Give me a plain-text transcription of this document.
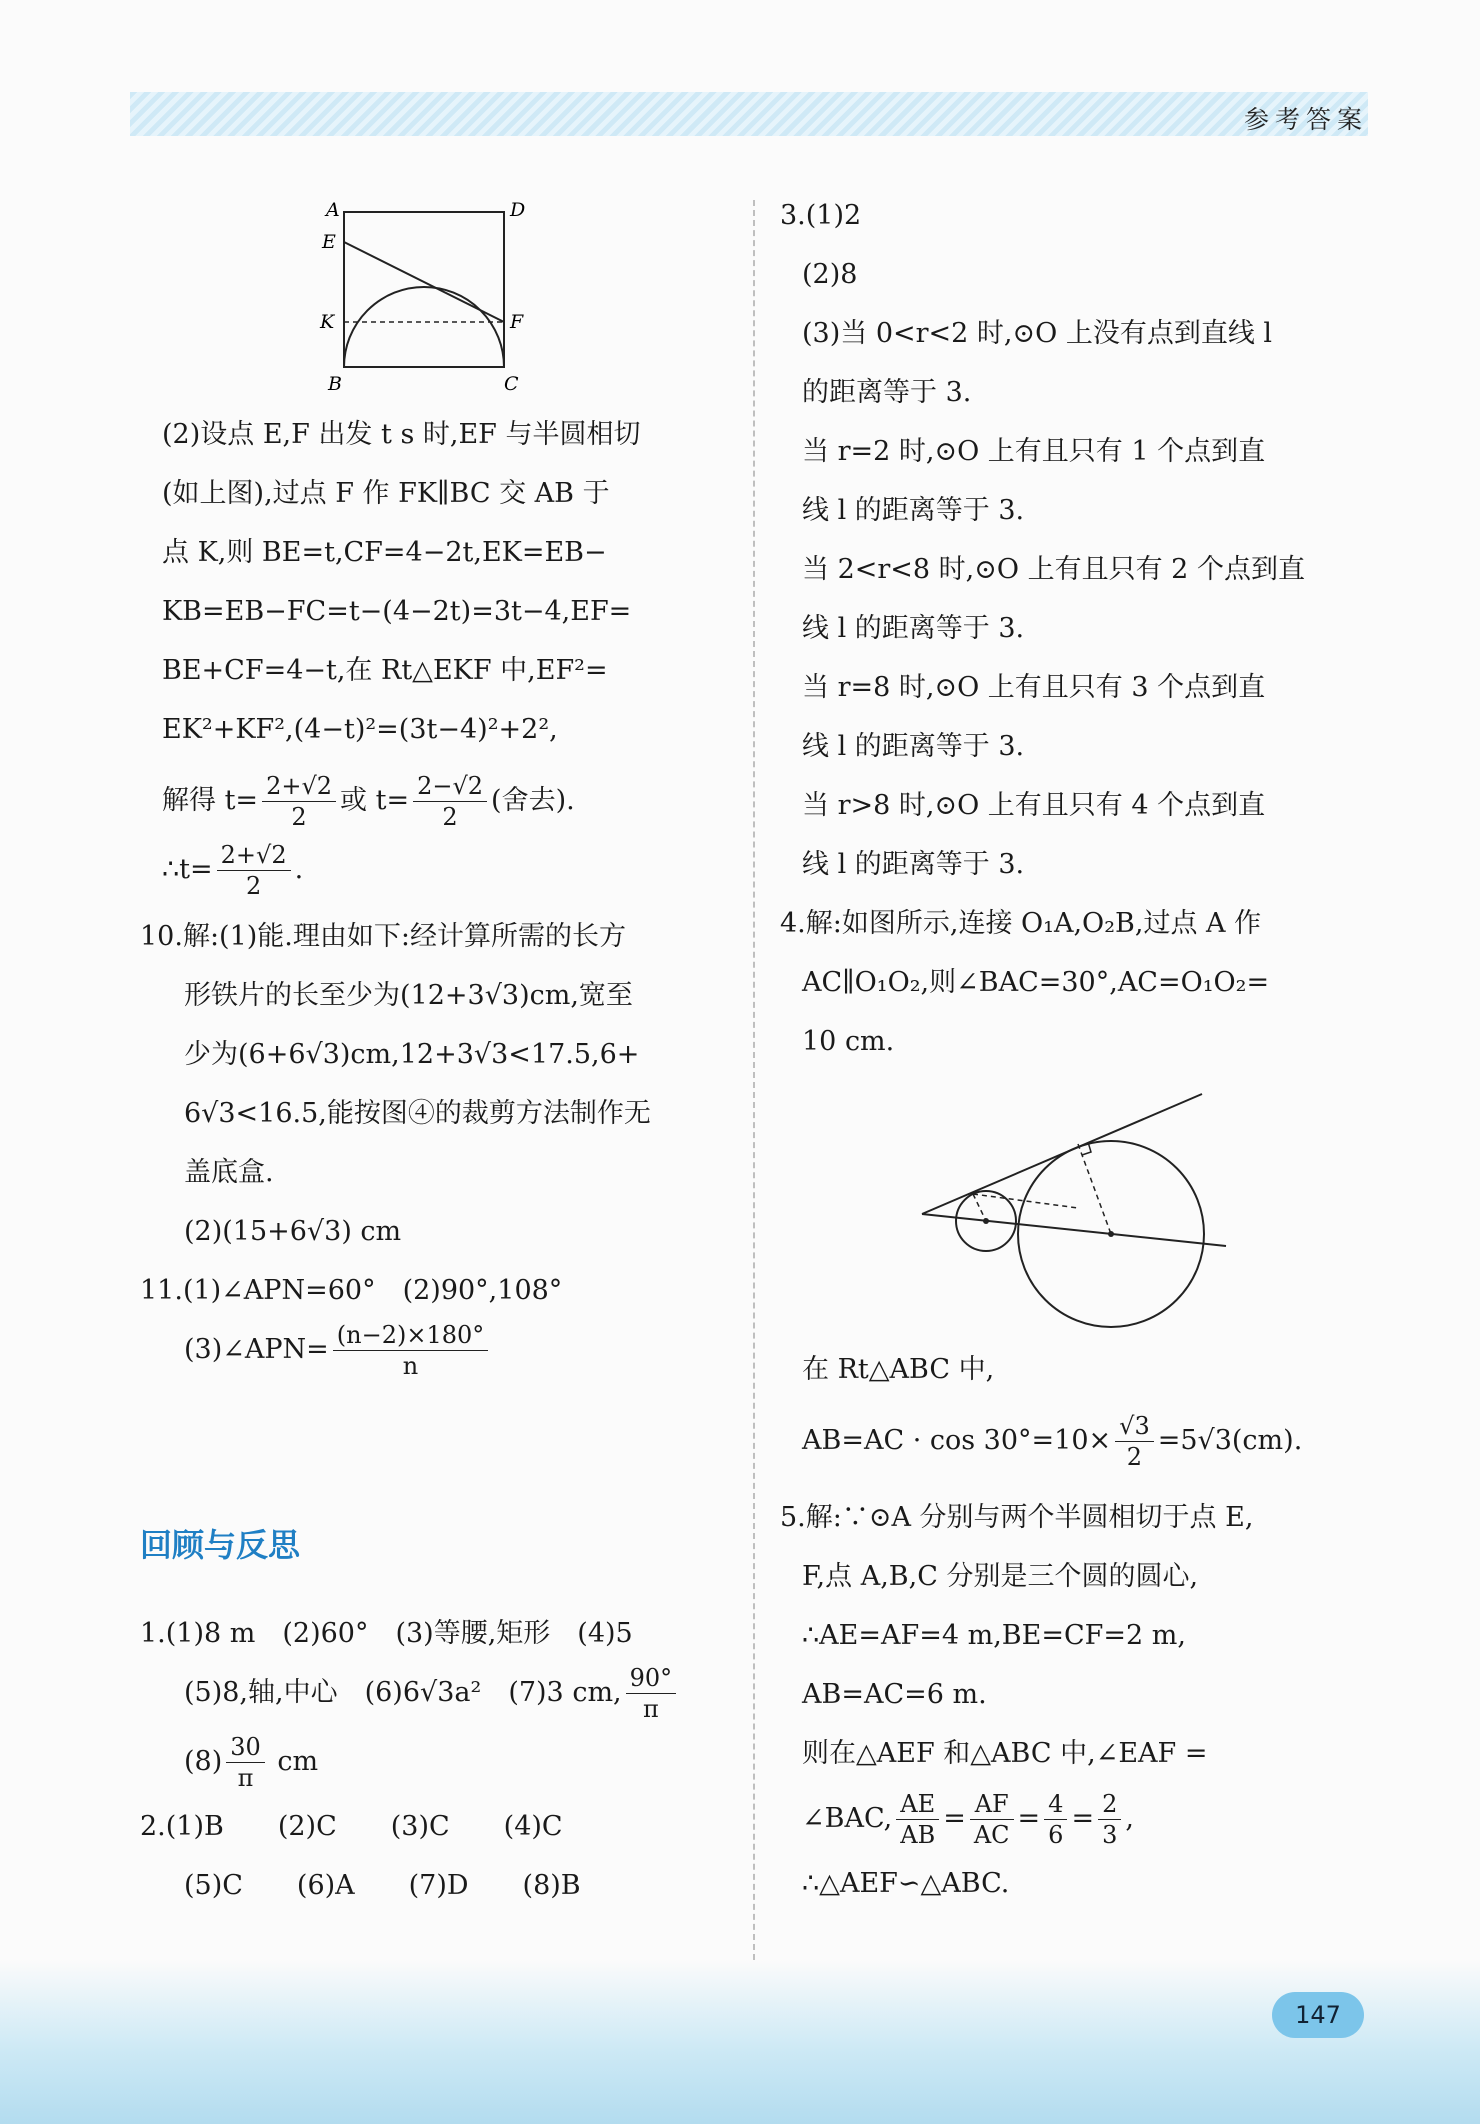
参考答案
A	D
E
K	F
B	C
(2)设点 E,F 出发 t s 时,EF 与半圆相切
(如上图),过点 F 作 FK∥BC 交 AB 于
点 K,则 BE=t,CF=4−2t,EK=EB−
KB=EB−FC=t−(4−2t)=3t−4,EF=
BE+CF=4−t,在 Rt△EKF 中,EF²=
EK²+KF²,(4−t)²=(3t−4)²+2²,
解得 $t= \frac{2+√2}{2}$ 或 $t= \frac{2-√2}{2}$ (舍去).
∴t= $\frac{2+√2}{2}$ .
10.解:(1)能.理由如下:经计算所需的长方
形铁片的长至少为(12+3√3)cm,宽至
少为(6+6√3)cm,12+3√3<17.5,6+
6√3<16.5,能按图④的裁剪方法制作无
盖底盒.
(2)(15+6√3) cm
11.(1)∠APN=60°　(2)90°,108°
(3)∠APN= $\frac{(n-2)\times 180^\circ}{n}$
回顾与反思
1.(1)8 m　(2)60°　(3)等腰,矩形　(4)5
(5)8,轴,中心　(6)6√3a²　(7)3 cm, $\frac{90^\circ}{\pi}$
$(8) \frac{30}{\pi}$ cm
2.(1)B　　(2)C　　(3)C　　(4)C
(5)C　　(6)A　　(7)D　　(8)B
3.(1)2
(2)8
(3)当 0<r<2 时,⊙O 上没有点到直线 l
的距离等于 3.
当 r=2 时,⊙O 上有且只有 1 个点到直
线 l 的距离等于 3.
当 2<r<8 时,⊙O 上有且只有 2 个点到直
线 l 的距离等于 3.
当 r=8 时,⊙O 上有且只有 3 个点到直
线 l 的距离等于 3.
当 r>8 时,⊙O 上有且只有 4 个点到直
线 l 的距离等于 3.
4.解:如图所示,连接 O₁A,O₂B,过点 A 作
AC∥O₁O₂,则∠BAC=30°,AC=O₁O₂=
10 cm.
在 Rt△ABC 中,
$AB=AC \cdot \cos 30^\circ=10\times \frac{√3}{2} =5√3(cm)$.
5.解:∵⊙A 分别与两个半圆相切于点 E,
F,点 A,B,C 分别是三个圆的圆心,
∴AE=AF=4 m,BE=CF=2 m,
AB=AC=6 m.
则在△AEF 和△ABC 中,∠EAF =
∠BAC, $\frac{AE}{AB} = \frac{AF}{AC} = \frac{4}{6} = \frac{2}{3}$ ,
∴△AEF∽△ABC.
147
